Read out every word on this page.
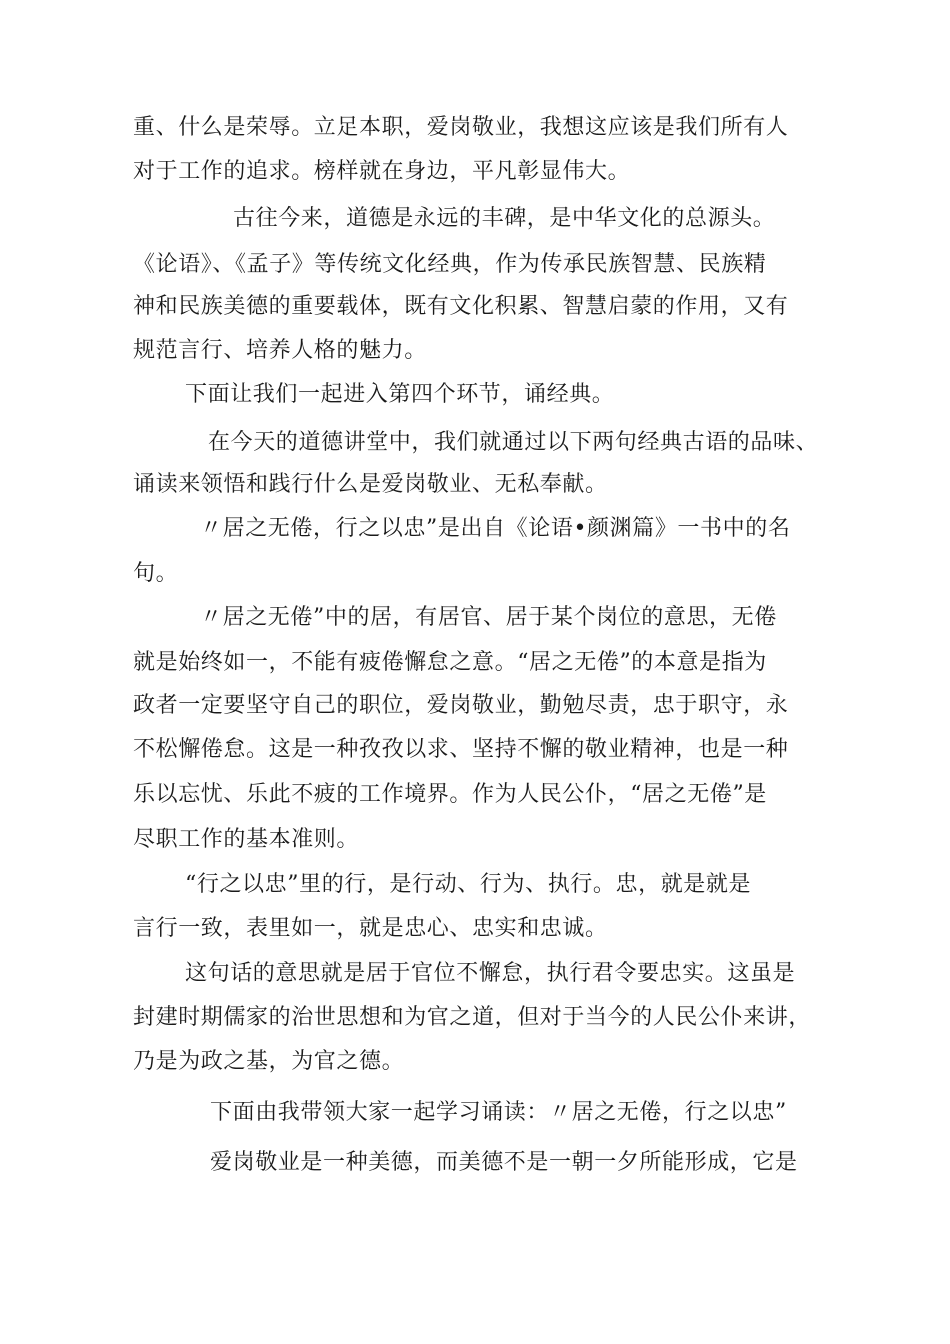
重、什么是荣辱。立足本职，爱岗敬业，我想这应该是我们所有人
对于工作的追求。榜样就在身边，平凡彰显伟大。
古往今来，道德是永远的丰碑，是中华文化的总源头。
《论语》、《孟子》等传统文化经典，作为传承民族智慧、民族精
神和民族美德的重要载体，既有文化积累、智慧启蒙的作用，又有
规范言行、培养人格的魅力。
下面让我们一起进入第四个环节，诵经典。
在今天的道德讲堂中，我们就通过以下两句经典古语的品味、
诵读来领悟和践行什么是爱岗敬业、无私奉献。
〃居之无倦，行之以忠”是出自《论语•颜渊篇》一书中的名
句。
〃居之无倦”中的居，有居官、居于某个岗位的意思，无倦
就是始终如一，不能有疲倦懈怠之意。“居之无倦”的本意是指为
政者一定要坚守自己的职位，爱岗敬业，勤勉尽责，忠于职守，永
不松懈倦怠。这是一种孜孜以求、坚持不懈的敬业精神，也是一种
乐以忘忧、乐此不疲的工作境界。作为人民公仆，“居之无倦”是
尽职工作的基本准则。
“行之以忠”里的行，是行动、行为、执行。忠，就是就是
言行一致，表里如一，就是忠心、忠实和忠诚。
这句话的意思就是居于官位不懈怠，执行君令要忠实。这虽是
封建时期儒家的治世思想和为官之道，但对于当今的人民公仆来讲，
乃是为政之基，为官之德。
下面由我带领大家一起学习诵读：〃居之无倦，行之以忠”
爱岗敬业是一种美德，而美德不是一朝一夕所能形成，它是
